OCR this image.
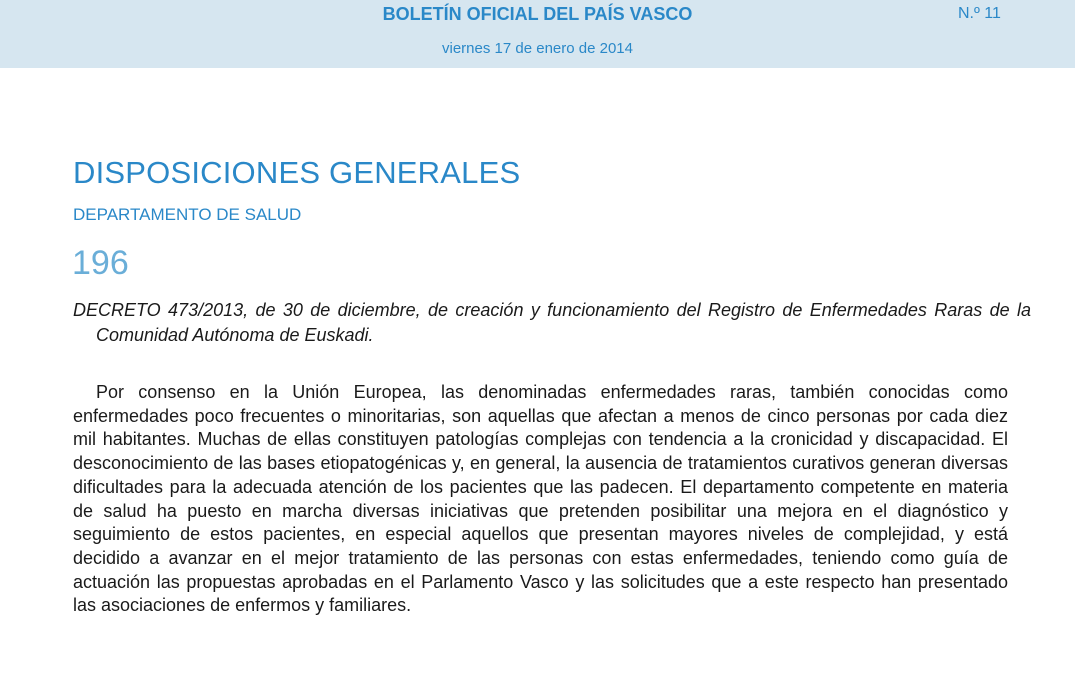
BOLETÍN OFICIAL DEL PAÍS VASCO	N.º 11
viernes 17 de enero de 2014
DISPOSICIONES GENERALES
DEPARTAMENTO DE SALUD
196

DECRETO 473/2013, de 30 de diciembre, de creación y funcionamiento del Registro de Enfermedades Raras de la Comunidad Autónoma de Euskadi.

Por consenso en la Unión Europea, las denominadas enfermedades raras, también conocidas como enfermedades poco frecuentes o minoritarias, son aquellas que afectan a menos de cinco personas por cada diez mil habitantes. Muchas de ellas constituyen patologías complejas con tendencia a la cronicidad y discapacidad. El desconocimiento de las bases etiopatogénicas y, en general, la ausencia de tratamientos curativos generan diversas dificultades para la adecuada atención de los pacientes que las padecen. El departamento competente en materia de salud ha puesto en marcha diversas iniciativas que pretenden posibilitar una mejora en el diagnóstico y seguimiento de estos pacientes, en especial aquellos que presentan mayores niveles de complejidad, y está decidido a avanzar en el mejor tratamiento de las personas con estas enfermedades, teniendo como guía de actuación las propuestas aprobadas en el Parlamento Vasco y las solicitudes que a este respecto han presentado las asociaciones de enfermos y familiares.
